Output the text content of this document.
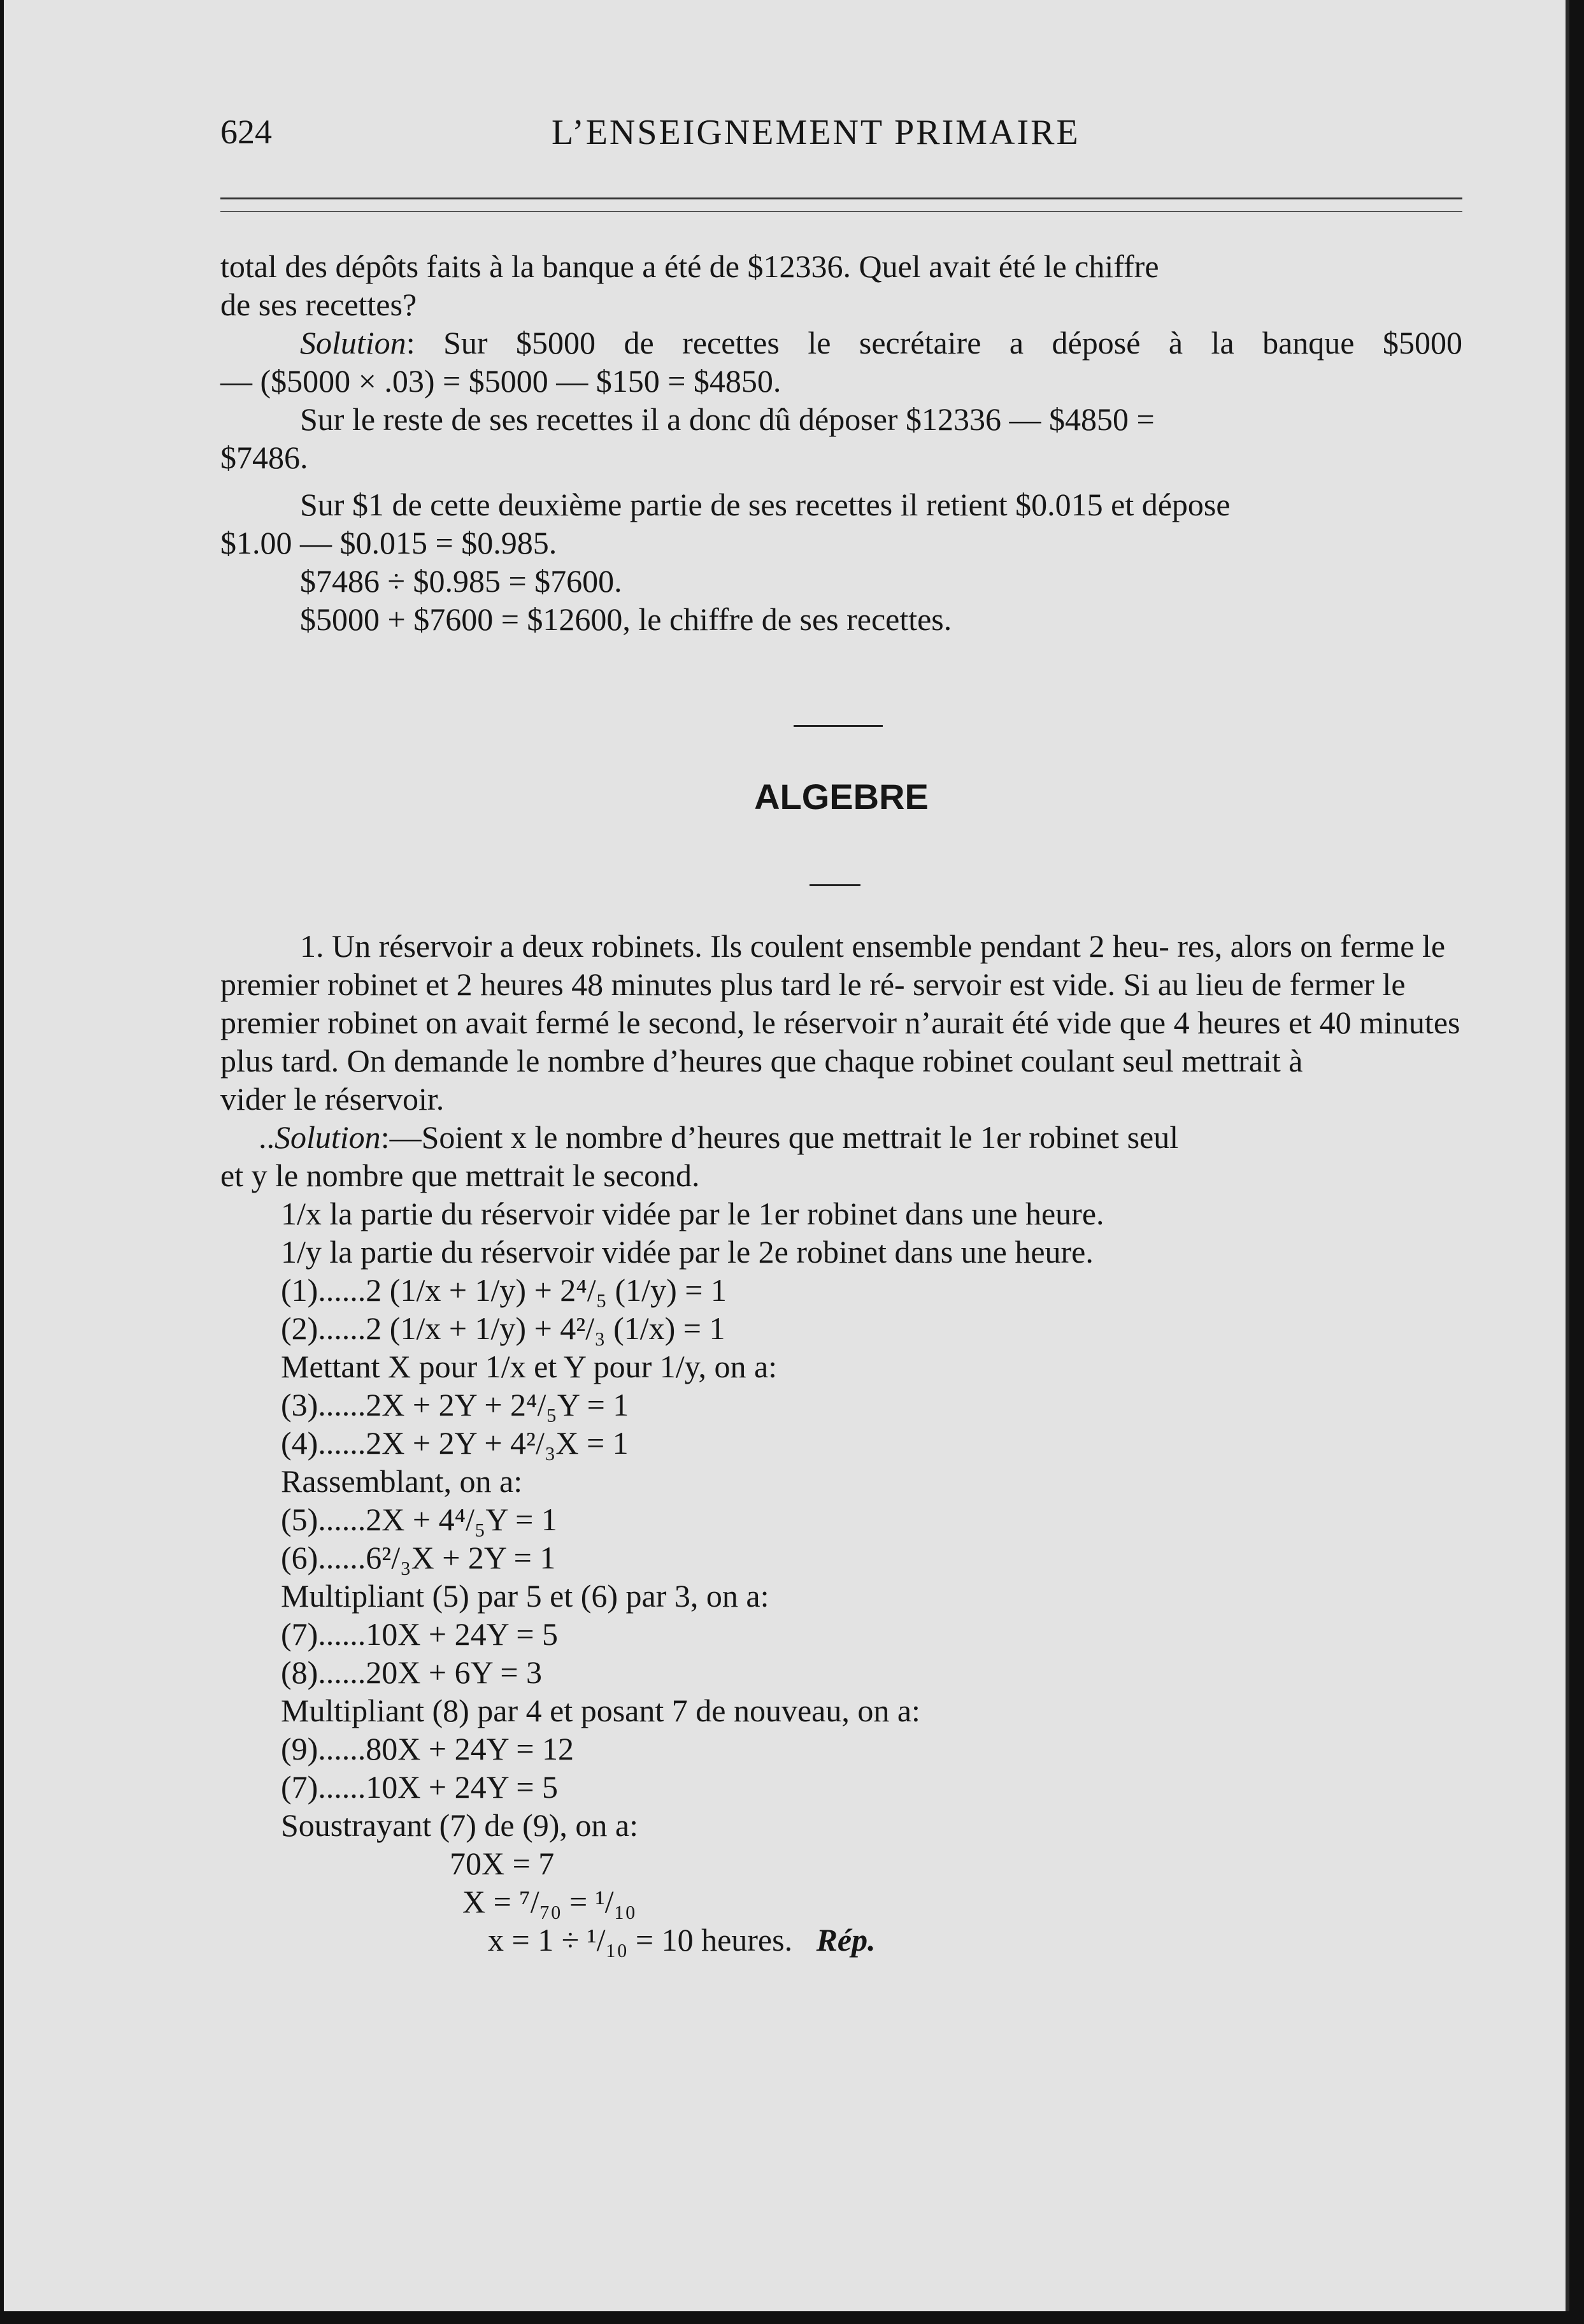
624	L’ENSEIGNEMENT PRIMAIRE
total des dépôts faits à la banque a été de $12336. Quel avait été le chiffre
de ses recettes?
Solution: Sur $5000 de recettes le secrétaire a déposé à la banque $5000
— ($5000 × .03) = $5000 — $150 = $4850.
Sur le reste de ses recettes il a donc dû déposer $12336 — $4850 =
$7486.
Sur $1 de cette deuxième partie de ses recettes il retient $0.015 et dépose
$1.00 — $0.015 = $0.985.
$7486 ÷ $0.985 = $7600.
$5000 + $7600 = $12600, le chiffre de ses recettes.
ALGEBRE
1. Un réservoir a deux robinets. Ils coulent ensemble pendant 2 heu- res, alors on ferme le premier robinet et 2 heures 48 minutes plus tard le ré- servoir est vide. Si au lieu de fermer le premier robinet on avait fermé le second, le réservoir n’aurait été vide que 4 heures et 40 minutes plus tard. On demande le nombre d’heures que chaque robinet coulant seul mettrait à
vider le réservoir.
..Solution:—Soient x le nombre d’heures que mettrait le 1er robinet seul
et y le nombre que mettrait le second.
1/x la partie du réservoir vidée par le 1er robinet dans une heure.
1/y la partie du réservoir vidée par le 2e robinet dans une heure.
(1)......2 (1/x + 1/y) + 2⁴/₅ (1/y) = 1
(2)......2 (1/x + 1/y) + 4²/₃ (1/x) = 1
Mettant X pour 1/x et Y pour 1/y, on a:
(3)......2X + 2Y + 2⁴/₅Y = 1
(4)......2X + 2Y + 4²/₃X = 1
Rassemblant, on a:
(5)......2X + 4⁴/₅Y = 1
(6)......6²/₃X + 2Y = 1
Multipliant (5) par 5 et (6) par 3, on a:
(7)......10X + 24Y = 5
(8)......20X + 6Y = 3
Multipliant (8) par 4 et posant 7 de nouveau, on a:
(9)......80X + 24Y = 12
(7)......10X + 24Y = 5
Soustrayant (7) de (9), on a:
70X = 7
X = ⁷/₇₀ = ¹/₁₀
x = 1 ÷ ¹/₁₀ = 10 heures. Rép.
